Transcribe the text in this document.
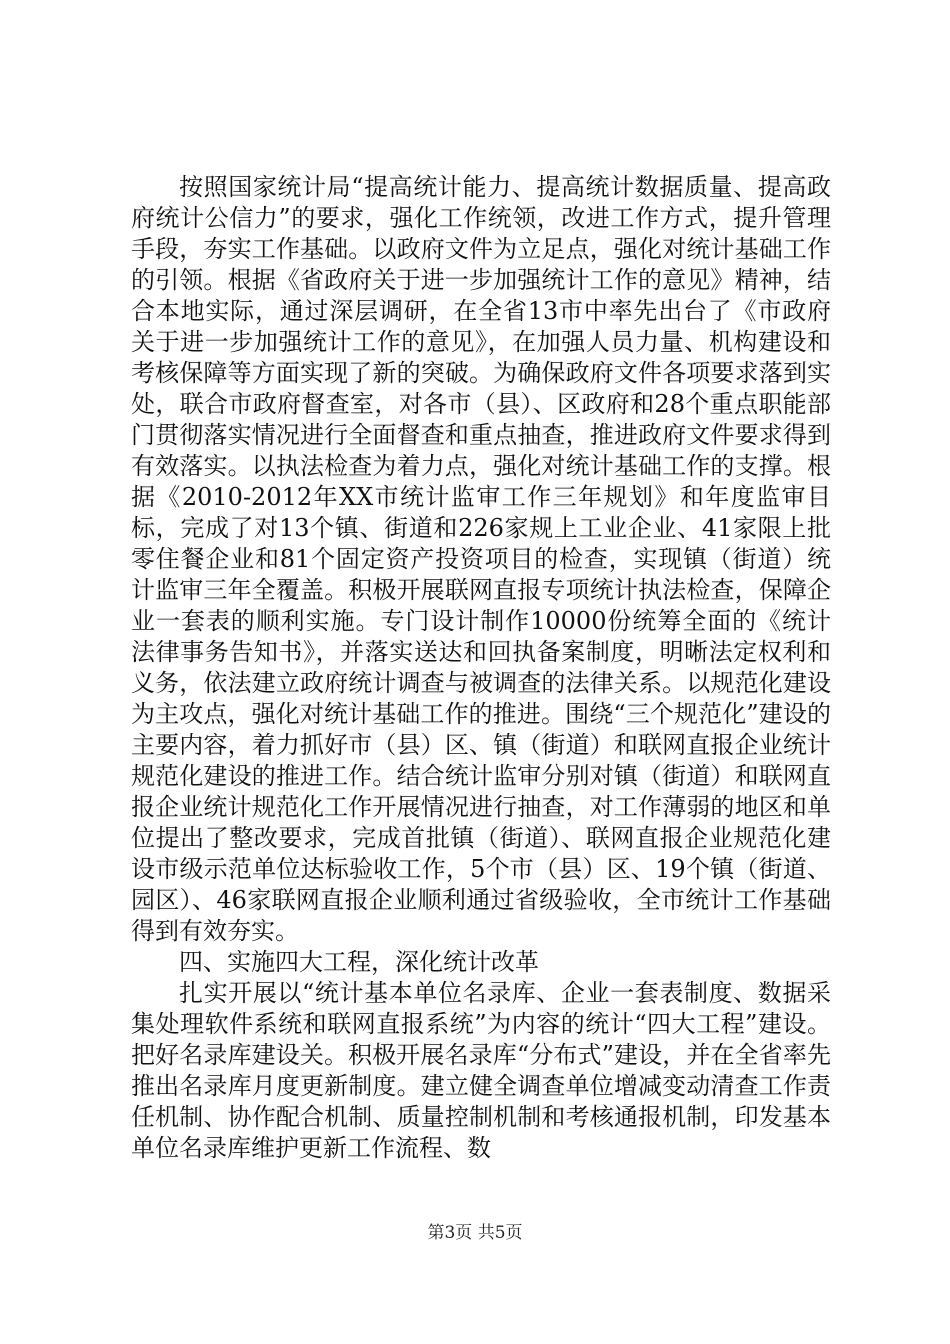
按照国家统计局“提高统计能力、提高统计数据质量、提高政府统计公信力”的要求，强化工作统领，改进工作方式，提升管理手段，夯实工作基础。以政府文件为立足点，强化对统计基础工作的引领。根据《省政府关于进一步加强统计工作的意见》精神，结合本地实际，通过深层调研，在全省13市中率先出台了《市政府关于进一步加强统计工作的意见》，在加强人员力量、机构建设和考核保障等方面实现了新的突破。为确保政府文件各项要求落到实处，联合市政府督查室，对各市（县）、区政府和28个重点职能部门贯彻落实情况进行全面督查和重点抽查，推进政府文件要求得到有效落实。以执法检查为着力点，强化对统计基础工作的支撑。根据《2010-2012年XX市统计监审工作三年规划》和年度监审目标，完成了对13个镇、街道和226家规上工业企业、41家限上批零住餐企业和81个固定资产投资项目的检查，实现镇（街道）统计监审三年全覆盖。积极开展联网直报专项统计执法检查，保障企业一套表的顺利实施。专门设计制作10000份统筹全面的《统计法律事务告知书》，并落实送达和回执备案制度，明晰法定权利和义务，依法建立政府统计调查与被调查的法律关系。以规范化建设为主攻点，强化对统计基础工作的推进。围绕“三个规范化”建设的主要内容，着力抓好市（县）区、镇（街道）和联网直报企业统计规范化建设的推进工作。结合统计监审分别对镇（街道）和联网直报企业统计规范化工作开展情况进行抽查，对工作薄弱的地区和单位提出了整改要求，完成首批镇（街道）、联网直报企业规范化建设市级示范单位达标验收工作，5个市（县）区、19个镇（街道、园区）、46家联网直报企业顺利通过省级验收，全市统计工作基础得到有效夯实。

四、实施四大工程，深化统计改革

扎实开展以“统计基本单位名录库、企业一套表制度、数据采集处理软件系统和联网直报系统”为内容的统计“四大工程”建设。把好名录库建设关。积极开展名录库“分布式”建设，并在全省率先推出名录库月度更新制度。建立健全调查单位增减变动清查工作责任机制、协作配合机制、质量控制机制和考核通报机制，印发基本单位名录库维护更新工作流程、数

第3页 共5页
